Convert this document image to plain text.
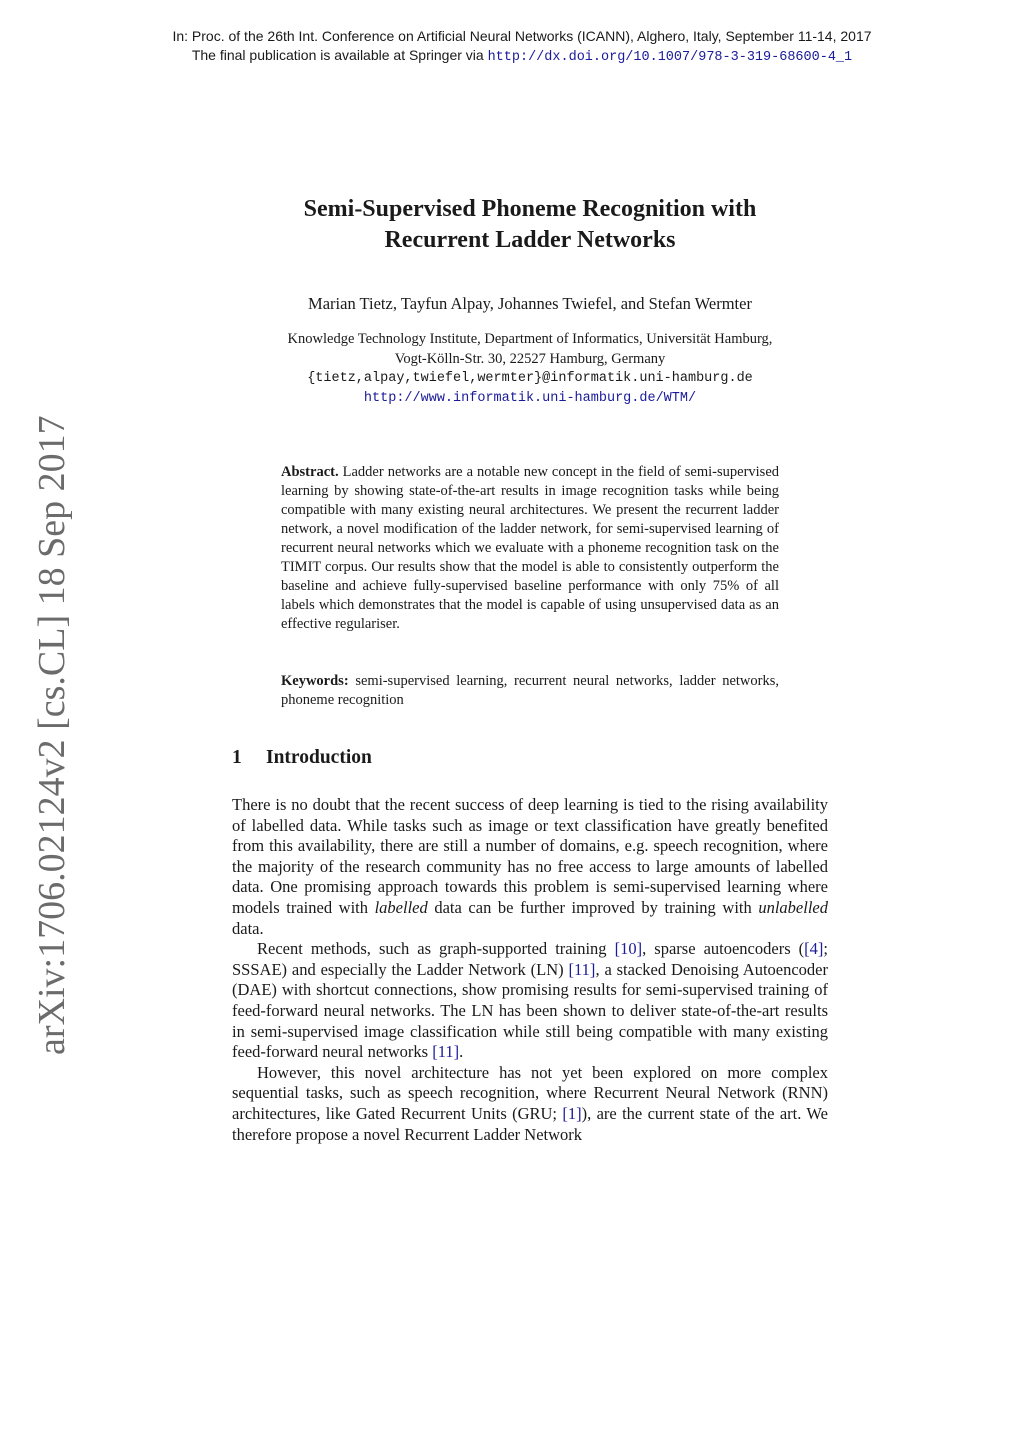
In: Proc. of the 26th Int. Conference on Artificial Neural Networks (ICANN), Alghero, Italy, September 11-14, 2017
The final publication is available at Springer via http://dx.doi.org/10.1007/978-3-319-68600-4_1
arXiv:1706.02124v2 [cs.CL] 18 Sep 2017
Semi-Supervised Phoneme Recognition with
Recurrent Ladder Networks
Marian Tietz, Tayfun Alpay, Johannes Twiefel, and Stefan Wermter
Knowledge Technology Institute, Department of Informatics, Universität Hamburg,
Vogt-Kölln-Str. 30, 22527 Hamburg, Germany
{tietz,alpay,twiefel,wermter}@informatik.uni-hamburg.de
http://www.informatik.uni-hamburg.de/WTM/
Abstract. Ladder networks are a notable new concept in the field of semi-supervised learning by showing state-of-the-art results in image recognition tasks while being compatible with many existing neural architectures. We present the recurrent ladder network, a novel modification of the ladder network, for semi-supervised learning of recurrent neural networks which we evaluate with a phoneme recognition task on the TIMIT corpus. Our results show that the model is able to consistently outperform the baseline and achieve fully-supervised baseline performance with only 75% of all labels which demonstrates that the model is capable of using unsupervised data as an effective regulariser.
Keywords: semi-supervised learning, recurrent neural networks, ladder networks, phoneme recognition
1 Introduction

There is no doubt that the recent success of deep learning is tied to the rising availability of labelled data. While tasks such as image or text classification have greatly benefited from this availability, there are still a number of domains, e.g. speech recognition, where the majority of the research community has no free access to large amounts of labelled data. One promising approach towards this problem is semi-supervised learning where models trained with labelled data can be further improved by training with unlabelled data.

Recent methods, such as graph-supported training [10], sparse autoencoders ([4]; SSSAE) and especially the Ladder Network (LN) [11], a stacked Denoising Autoencoder (DAE) with shortcut connections, show promising results for semi-supervised training of feed-forward neural networks. The LN has been shown to deliver state-of-the-art results in semi-supervised image classification while still being compatible with many existing feed-forward neural networks [11].

However, this novel architecture has not yet been explored on more complex sequential tasks, such as speech recognition, where Recurrent Neural Network (RNN) architectures, like Gated Recurrent Units (GRU; [1]), are the current state of the art. We therefore propose a novel Recurrent Ladder Network
